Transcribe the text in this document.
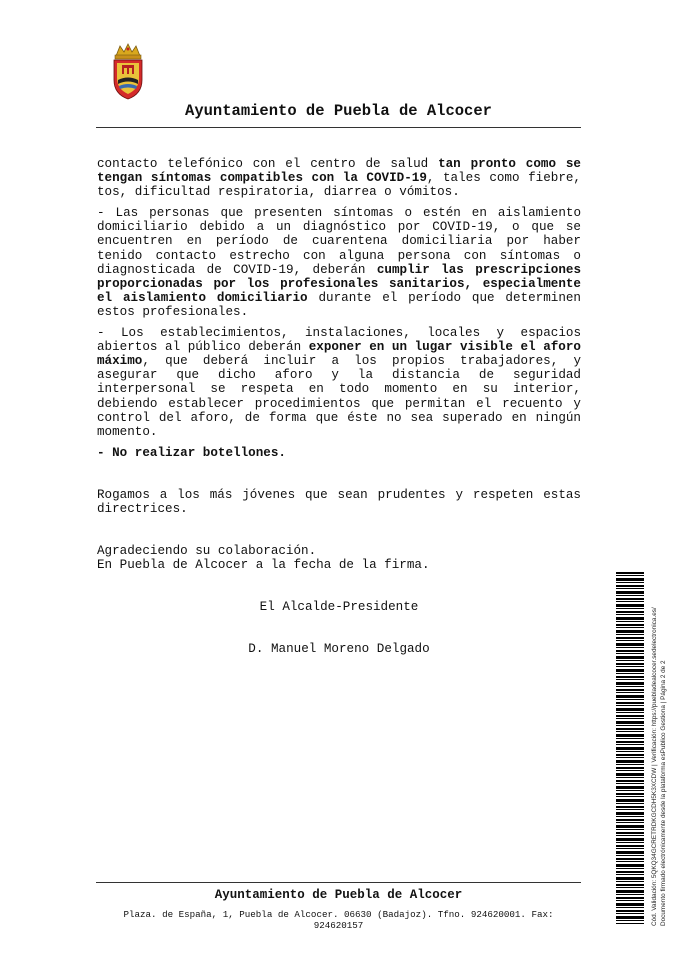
Ayuntamiento de Puebla de Alcocer

contacto telefónico con el centro de salud tan pronto como se tengan síntomas compatibles con la COVID-19, tales como fiebre, tos, dificultad respiratoria, diarrea o vómitos.

- Las personas que presenten síntomas o estén en aislamiento domiciliario debido a un diagnóstico por COVID-19, o que se encuentren en período de cuarentena domiciliaria por haber tenido contacto estrecho con alguna persona con síntomas o diagnosticada de COVID-19, deberán cumplir las prescripciones proporcionadas por los profesionales sanitarios, especialmente el aislamiento domiciliario durante el período que determinen estos profesionales.

- Los establecimientos, instalaciones, locales y espacios abiertos al público deberán exponer en un lugar visible el aforo máximo, que deberá incluir a los propios trabajadores, y asegurar que dicho aforo y la distancia de seguridad interpersonal se respeta en todo momento en su interior, debiendo establecer procedimientos que permitan el recuento y control del aforo, de forma que éste no sea superado en ningún momento.

- No realizar botellones.

Rogamos a los más jóvenes que sean prudentes y respeten estas directrices.

Agradeciendo su colaboración.

En Puebla de Alcocer a la fecha de la firma.

El Alcalde-Presidente

D. Manuel Moreno Delgado

Ayuntamiento de Puebla de Alcocer
Plaza. de España, 1, Puebla de Alcocer. 06630 (Badajoz). Tfno. 924620001. Fax: 924620157	Cód. Validación: 5QKQ34GCRETRDKGCDH5K3XCDW | Verificación: https://puebladealcocer.sedelectronica.es/ Documento firmado electrónicamente desde la plataforma esPublico Gestiona | Página 2 de 2
